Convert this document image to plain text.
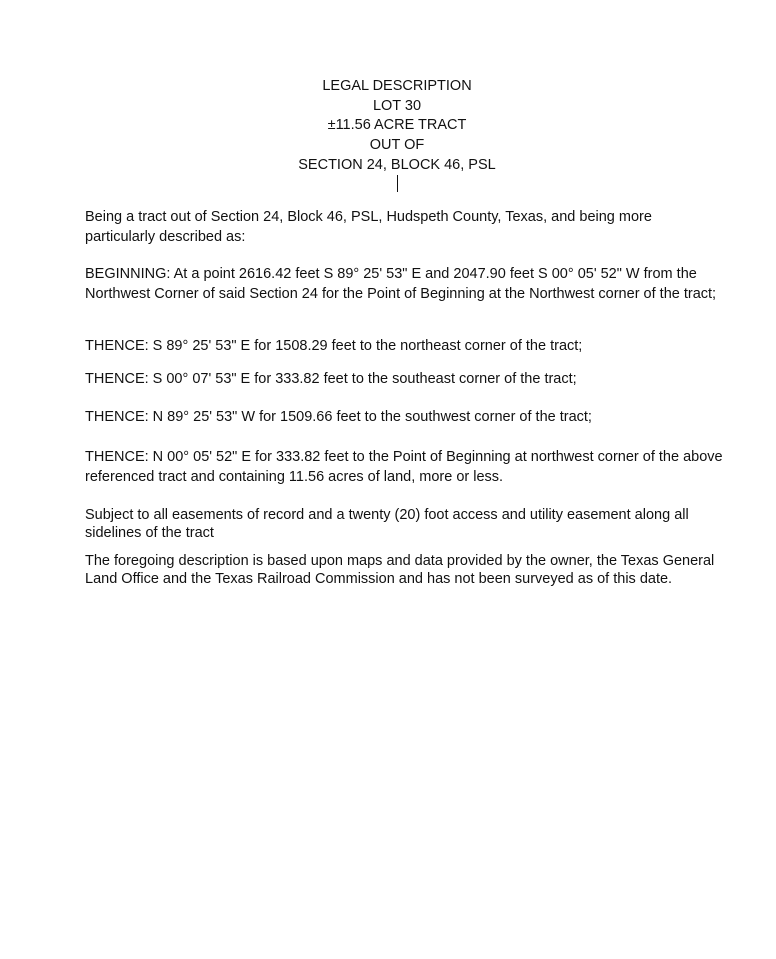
LEGAL DESCRIPTION
LOT 30
±11.56 ACRE TRACT
OUT OF
SECTION 24, BLOCK 46, PSL

Being a tract out of Section 24, Block 46, PSL, Hudspeth County, Texas, and being more particularly described as:

BEGINNING: At a point 2616.42 feet S 89° 25' 53" E and 2047.90 feet S 00° 05' 52" W from the Northwest Corner of said Section 24 for the Point of Beginning at the Northwest corner of the tract;

THENCE: S 89° 25' 53" E for 1508.29 feet to the northeast corner of the tract;

THENCE: S 00° 07' 53" E for 333.82 feet to the southeast corner of the tract;

THENCE: N 89° 25' 53" W for 1509.66 feet to the southwest corner of the tract;

THENCE: N 00° 05' 52" E for 333.82 feet to the Point of Beginning at northwest corner of the above referenced tract and containing 11.56 acres of land, more or less.

Subject to all easements of record and a twenty (20) foot access and utility easement along all sidelines of the tract

The foregoing description is based upon maps and data provided by the owner, the Texas General Land Office and the Texas Railroad Commission and has not been surveyed as of this date.
